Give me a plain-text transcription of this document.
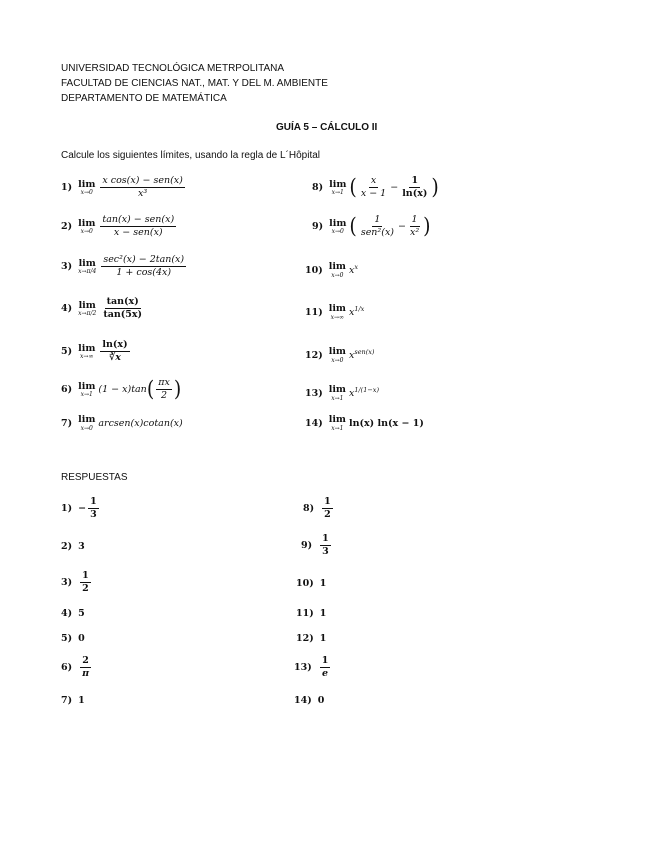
UNIVERSIDAD TECNOLÓGICA METRPOLITANA
FACULTAD DE CIENCIAS NAT., MAT. Y DEL M. AMBIENTE
DEPARTAMENTO DE MATEMÁTICA
GUÍA 5 – CÁLCULO II
Calcule los siguientes límites, usando la regla de L´Hôpital
1) lim
$x\to 0 \frac{\text{x cos(x) − sen(x)}}{\text{x³}}$
2) lim
$x\to 0 \frac{\text{tan(x) − sen(x)}}{\text{x − sen(x)}}$
3) lim
$x\to\pi/4 \frac{\text{sec²(x) − 2tan(x)}}{1 + \cos(4x)}$
4) lim
$x\to\pi/2 \frac{\tan(x)}{\tan(5x)}$
5) lim
$x\to\infty \frac{\ln(x)}{∛x}$
6) lim
x→1 (1 − x)tan ( $\frac{\pi x}{2}$ )
7) lim
x→0 arcsen(x)cotan(x)
8) lim
x→1 ( $\frac{x}{x - 1} - \frac{1}{\ln(x)}$ )
9) lim
x→0 ( $\frac{1}{\text{sen²(x)}} - \frac{1}{\text{x²}}$ )
10) lim
x→0 $x^x$
11) lim
x→∞ $x^{1/x}$
12) lim
x→0 $x^{sen(x)}$
13) lim
x→1 $x^{1/(1-x)}$
14) lim
x→1 ln(x) ln(x − 1)
RESPUESTAS
$1) - \frac{1}{3}$
2) 3
$3) \frac{1}{2}$
4) 5
5) 0
$6) \frac{2}{\pi}$
7) 1
$8) \frac{1}{2}$
$9) \frac{1}{3}$
10) 1
11) 1
12) 1
$13) \frac{1}{e}$
14) 0
